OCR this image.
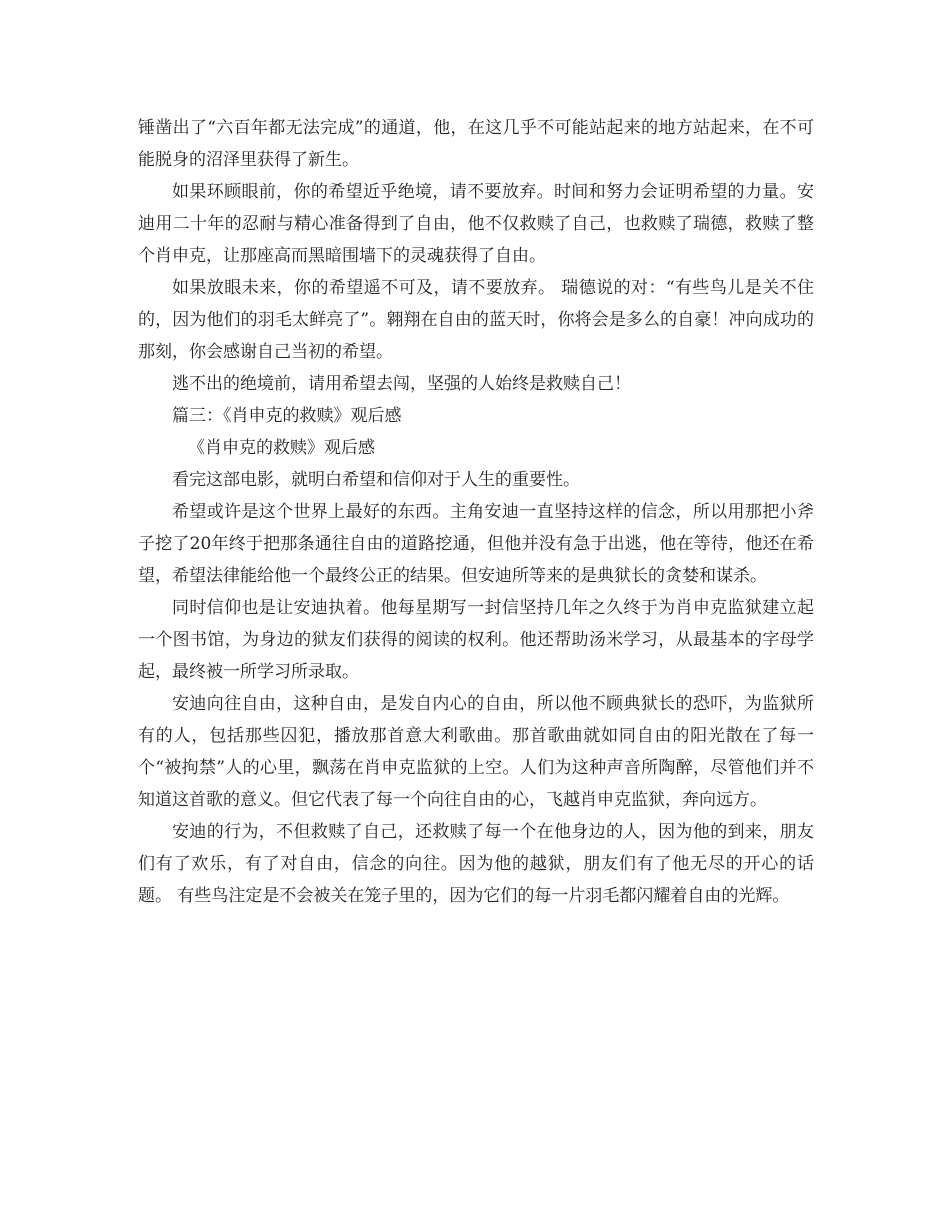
锤凿出了“六百年都无法完成”的通道，他，在这几乎不可能站起来的地方站起来，在不可能脱身的沼泽里获得了新生。

如果环顾眼前，你的希望近乎绝境，请不要放弃。时间和努力会证明希望的力量。安迪用二十年的忍耐与精心准备得到了自由，他不仅救赎了自己，也救赎了瑞德，救赎了整个肖申克，让那座高而黑暗围墙下的灵魂获得了自由。

如果放眼未来，你的希望遥不可及，请不要放弃。 瑞德说的对：“有些鸟儿是关不住的，因为他们的羽毛太鲜亮了”。翱翔在自由的蓝天时，你将会是多么的自豪！冲向成功的那刻，你会感谢自己当初的希望。

逃不出的绝境前，请用希望去闯，坚强的人始终是救赎自己！

篇三：《肖申克的救赎》观后感

《肖申克的救赎》观后感

看完这部电影，就明白希望和信仰对于人生的重要性。

希望或许是这个世界上最好的东西。主角安迪一直坚持这样的信念，所以用那把小斧子挖了20年终于把那条通往自由的道路挖通，但他并没有急于出逃，他在等待，他还在希望，希望法律能给他一个最终公正的结果。但安迪所等来的是典狱长的贪婪和谋杀。

同时信仰也是让安迪执着。他每星期写一封信坚持几年之久终于为肖申克监狱建立起一个图书馆，为身边的狱友们获得的阅读的权利。他还帮助汤米学习，从最基本的字母学起，最终被一所学习所录取。

安迪向往自由，这种自由，是发自内心的自由，所以他不顾典狱长的恐吓，为监狱所有的人，包括那些囚犯，播放那首意大利歌曲。那首歌曲就如同自由的阳光散在了每一个“被拘禁”人的心里，飘荡在肖申克监狱的上空。人们为这种声音所陶醉，尽管他们并不知道这首歌的意义。但它代表了每一个向往自由的心，飞越肖申克监狱，奔向远方。

安迪的行为，不但救赎了自己，还救赎了每一个在他身边的人，因为他的到来，朋友们有了欢乐，有了对自由，信念的向往。因为他的越狱，朋友们有了他无尽的开心的话题。 有些鸟注定是不会被关在笼子里的，因为它们的每一片羽毛都闪耀着自由的光辉。
